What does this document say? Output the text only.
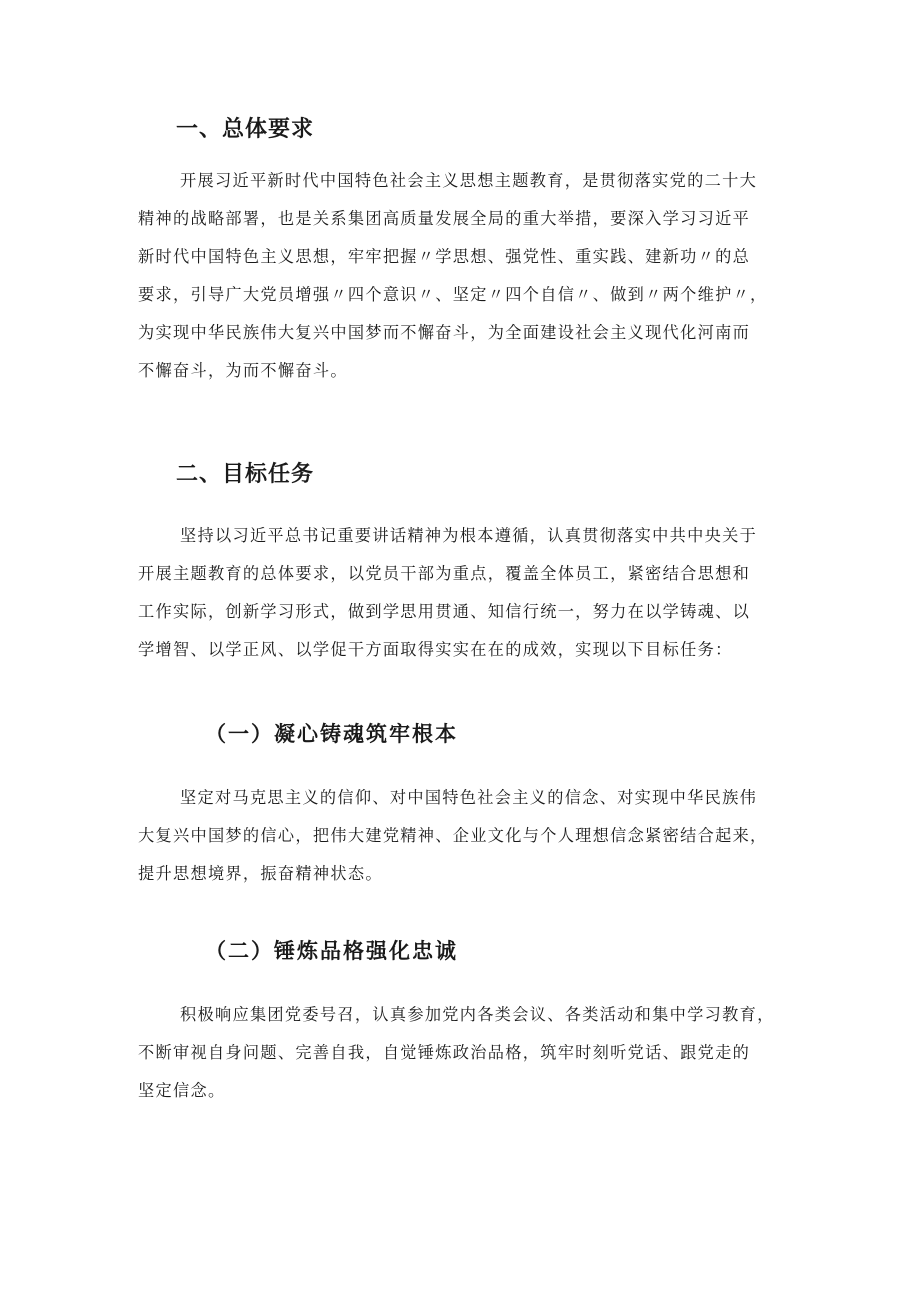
一、总体要求
开展习近平新时代中国特色社会主义思想主题教育，是贯彻落实党的二十大
精神的战略部署，也是关系集团高质量发展全局的重大举措，要深入学习习近平
新时代中国特色主义思想，牢牢把握〃学思想、强党性、重实践、建新功〃的总
要求，引导广大党员增强〃四个意识〃、坚定〃四个自信〃、做到〃两个维护〃，
为实现中华民族伟大复兴中国梦而不懈奋斗，为全面建设社会主义现代化河南而
不懈奋斗，为而不懈奋斗。
二、目标任务
坚持以习近平总书记重要讲话精神为根本遵循，认真贯彻落实中共中央关于
开展主题教育的总体要求，以党员干部为重点，覆盖全体员工，紧密结合思想和
工作实际，创新学习形式，做到学思用贯通、知信行统一，努力在以学铸魂、以
学增智、以学正风、以学促干方面取得实实在在的成效，实现以下目标任务：
（一）凝心铸魂筑牢根本
坚定对马克思主义的信仰、对中国特色社会主义的信念、对实现中华民族伟
大复兴中国梦的信心，把伟大建党精神、企业文化与个人理想信念紧密结合起来，
提升思想境界，振奋精神状态。
（二）锤炼品格强化忠诚
积极响应集团党委号召，认真参加党内各类会议、各类活动和集中学习教育，
不断审视自身问题、完善自我，自觉锤炼政治品格，筑牢时刻听党话、跟党走的
坚定信念。
